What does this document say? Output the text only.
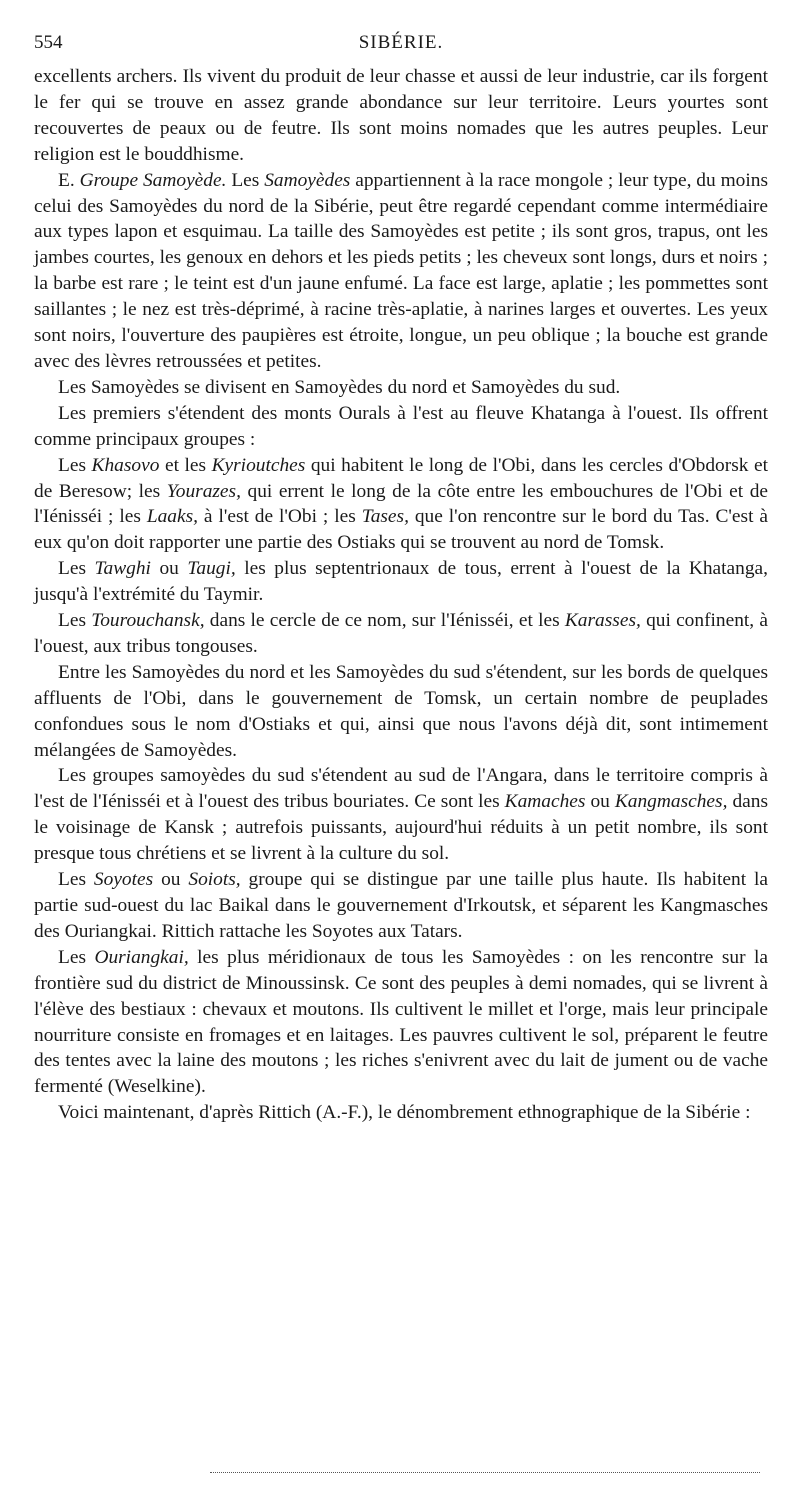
554	SIBÉRIE.

excellents archers. Ils vivent du produit de leur chasse et aussi de leur industrie, car ils forgent le fer qui se trouve en assez grande abondance sur leur territoire. Leurs yourtes sont recouvertes de peaux ou de feutre. Ils sont moins nomades que les autres peuples. Leur religion est le bouddhisme.

E. Groupe Samoyède. Les Samoyèdes appartiennent à la race mongole ; leur type, du moins celui des Samoyèdes du nord de la Sibérie, peut être regardé cependant comme intermédiaire aux types lapon et esquimau. La taille des Samoyèdes est petite ; ils sont gros, trapus, ont les jambes courtes, les genoux en dehors et les pieds petits ; les cheveux sont longs, durs et noirs ; la barbe est rare ; le teint est d'un jaune enfumé. La face est large, aplatie ; les pommettes sont saillantes ; le nez est très-déprimé, à racine très-aplatie, à narines larges et ouvertes. Les yeux sont noirs, l'ouverture des paupières est étroite, longue, un peu oblique ; la bouche est grande avec des lèvres retroussées et petites.

Les Samoyèdes se divisent en Samoyèdes du nord et Samoyèdes du sud.

Les premiers s'étendent des monts Ourals à l'est au fleuve Khatanga à l'ouest. Ils offrent comme principaux groupes :

Les Khasovo et les Kyrioutches qui habitent le long de l'Obi, dans les cercles d'Obdorsk et de Beresow; les Yourazes, qui errent le long de la côte entre les embouchures de l'Obi et de l'Iénisséi ; les Laaks, à l'est de l'Obi ; les Tases, que l'on rencontre sur le bord du Tas. C'est à eux qu'on doit rapporter une partie des Ostiaks qui se trouvent au nord de Tomsk.

Les Tawghi ou Taugi, les plus septentrionaux de tous, errent à l'ouest de la Khatanga, jusqu'à l'extrémité du Taymir.

Les Tourouchansk, dans le cercle de ce nom, sur l'Iénisséi, et les Karasses, qui confinent, à l'ouest, aux tribus tongouses.

Entre les Samoyèdes du nord et les Samoyèdes du sud s'étendent, sur les bords de quelques affluents de l'Obi, dans le gouvernement de Tomsk, un certain nombre de peuplades confondues sous le nom d'Ostiaks et qui, ainsi que nous l'avons déjà dit, sont intimement mélangées de Samoyèdes.

Les groupes samoyèdes du sud s'étendent au sud de l'Angara, dans le territoire compris à l'est de l'Iénisséi et à l'ouest des tribus bouriates. Ce sont les Kamaches ou Kangmasches, dans le voisinage de Kansk ; autrefois puissants, aujourd'hui réduits à un petit nombre, ils sont presque tous chrétiens et se livrent à la culture du sol.

Les Soyotes ou Soiots, groupe qui se distingue par une taille plus haute. Ils habitent la partie sud-ouest du lac Baikal dans le gouvernement d'Irkoutsk, et séparent les Kangmasches des Ouriangkai. Rittich rattache les Soyotes aux Tatars.

Les Ouriangkai, les plus méridionaux de tous les Samoyèdes : on les rencontre sur la frontière sud du district de Minoussinsk. Ce sont des peuples à demi nomades, qui se livrent à l'élève des bestiaux : chevaux et moutons. Ils cultivent le millet et l'orge, mais leur principale nourriture consiste en fromages et en laitages. Les pauvres cultivent le sol, préparent le feutre des tentes avec la laine des moutons ; les riches s'enivrent avec du lait de jument ou de vache fermenté (Weselkine).

Voici maintenant, d'après Rittich (A.-F.), le dénombrement ethnographique de la Sibérie :
